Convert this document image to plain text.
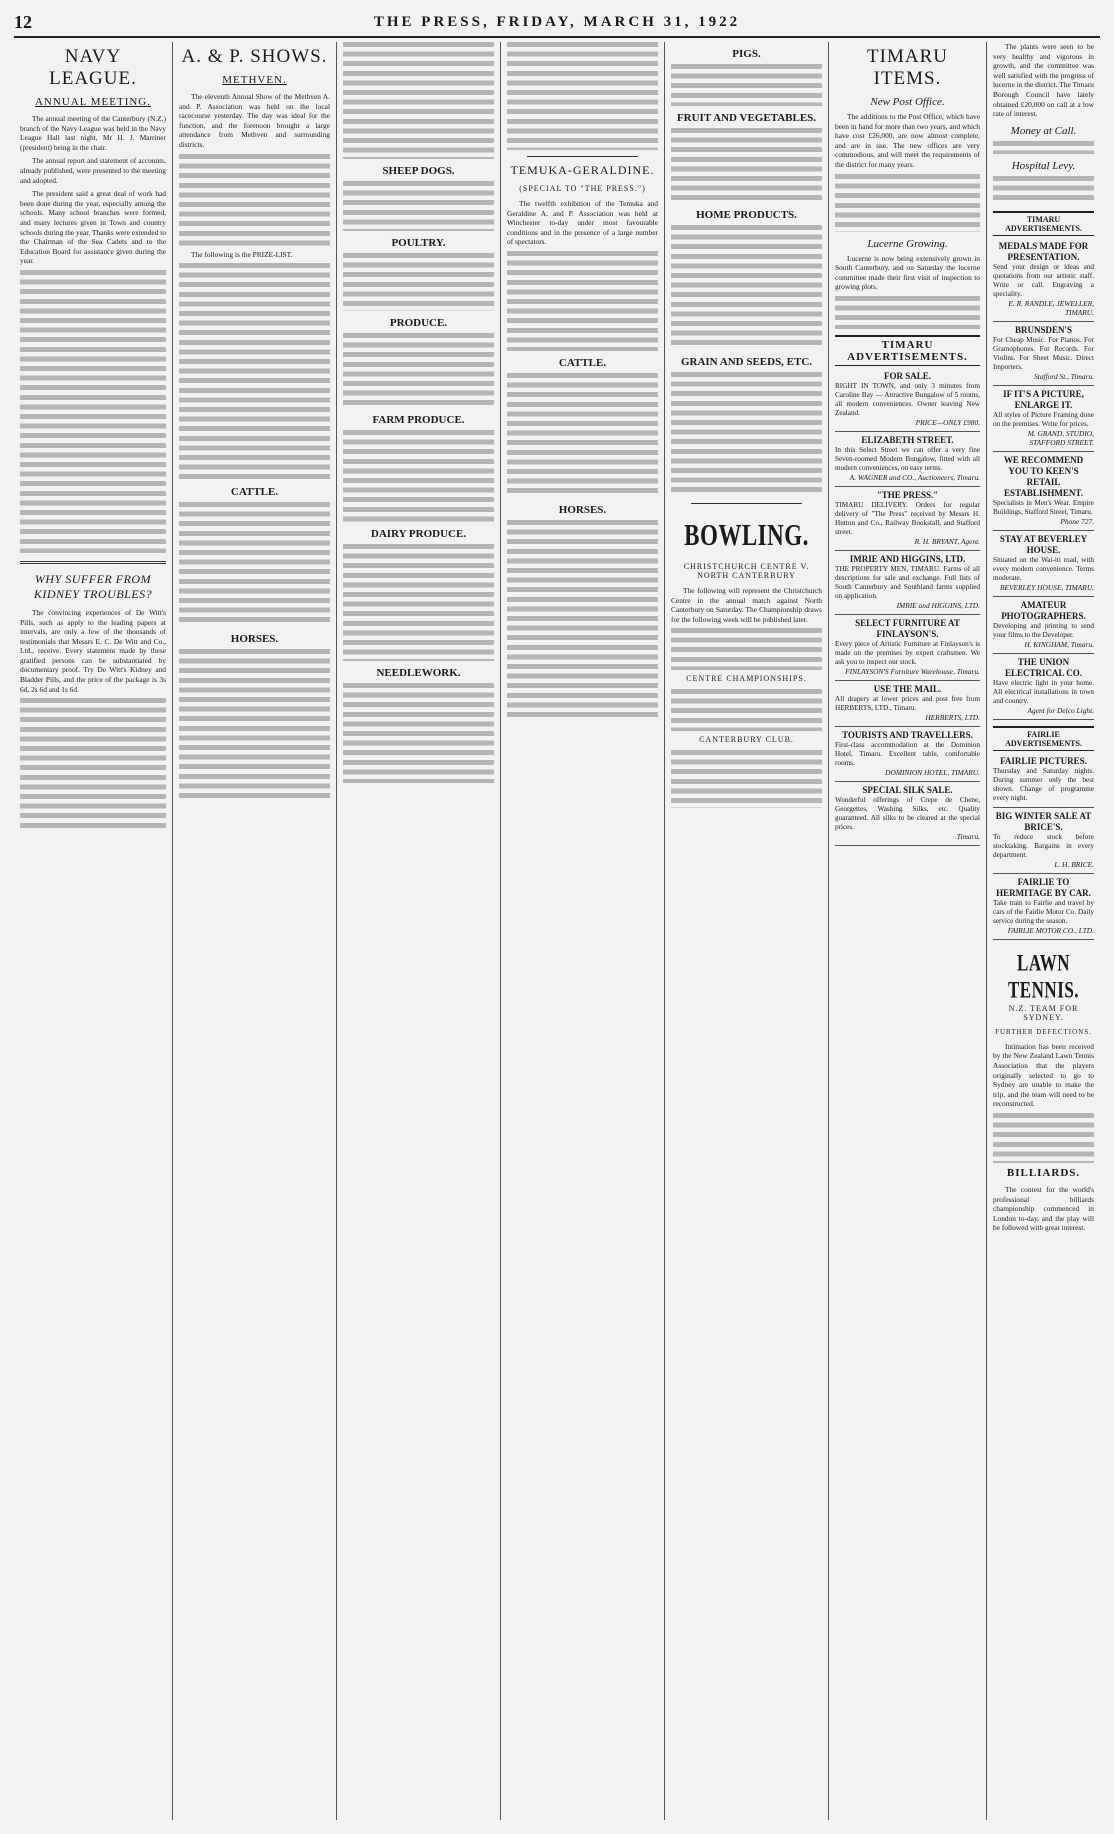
12	THE PRESS, FRIDAY, MARCH 31, 1922
NAVY LEAGUE.
ANNUAL MEETING.

The annual meeting of the Canterbury (N.Z.) branch of the Navy League was held in the Navy League Hall last night, Mr H. J. Marriner (president) being in the chair.

The annual report and statement of accounts, already published, were presented to the meeting and adopted.

The president said a great deal of work had been done during the year, especially among the schools. Many school branches were formed, and many lectures given in Town and country schools during the year. Thanks were extended to the Chairman of the Sea Cadets and to the Education Board for assistance given during the year.

WHY SUFFER FROM KIDNEY TROUBLES?

The convincing experiences of De Witt's Pills, such as apply to the leading papers at intervals, are only a few of the thousands of testimonials that Messrs E. C. De Witt and Co., Ltd., receive. Every statement made by these gratified persons can be substantiated by documentary proof. Try De Witt's Kidney and Bladder Pills, and the price of the package is 3s 6d, 2s 6d and 1s 6d.

A. & P. SHOWS.
METHVEN.

The eleventh Annual Show of the Methven A. and P. Association was held on the local racecourse yesterday. The day was ideal for the function, and the forenoon brought a large attendance from Methven and surrounding districts.

The following is the PRIZE-LIST.

CATTLE.
HORSES.
SHEEP DOGS.
POULTRY.
PRODUCE.
FARM PRODUCE.
DAIRY PRODUCE.
NEEDLEWORK.
TEMUKA-GERALDINE.
(SPECIAL TO "THE PRESS.")

The twelfth exhibition of the Temuka and Geraldine A. and P. Association was held at Winchester to-day under most favourable conditions and in the presence of a large number of spectators.

CATTLE.
HORSES.
PIGS.
FRUIT AND VEGETABLES.
HOME PRODUCTS.
GRAIN AND SEEDS, ETC.
BOWLING.
CHRISTCHURCH CENTRE V. NORTH CANTERBURY

The following will represent the Christchurch Centre in the annual match against North Canterbury on Saturday. The Championship draws for the following week will be published later.

CENTRE CHAMPIONSHIPS.
CANTERBURY CLUB.
TIMARU ITEMS.
New Post Office.

The additions to the Post Office, which have been in hand for more than two years, and which have cost £26,000, are now almost complete, and are in use. The new offices are very commodious, and will meet the requirements of the district for many years.

Lucerne Growing.

Lucerne is now being extensively grown in South Canterbury, and on Saturday the lucerne committee made their first visit of inspection to growing plots.

TIMARU ADVERTISEMENTS.
FOR SALE.
RIGHT IN TOWN, and only 3 minutes from Caroline Bay — Attractive Bungalow of 5 rooms, all modern conveniences. Owner leaving New Zealand.
PRICE—ONLY £980.
ELIZABETH STREET.
In this Select Street we can offer a very fine Seven-roomed Modern Bungalow, fitted with all modern conveniences, on easy terms.
A. WAGNER and CO., Auctioneers, Timaru.
"THE PRESS."
TIMARU DELIVERY. Orders for regular delivery of "The Press" received by Messrs H. Hutton and Co., Railway Bookstall, and Stafford street.
R. H. BRYANT, Agent.
IMRIE AND HIGGINS, LTD.
THE PROPERTY MEN, TIMARU. Farms of all descriptions for sale and exchange. Full lists of South Canterbury and Southland farms supplied on application.
IMRIE and HIGGINS, LTD.
SELECT FURNITURE AT FINLAYSON'S.
Every piece of Artistic Furniture at Finlayson's is made on the premises by expert craftsmen. We ask you to inspect our stock.
FINLAYSON'S Furniture Warehouse, Timaru.
USE THE MAIL.
All drapery at lower prices and post free from HERBERTS, LTD., Timaru.
HERBERTS, LTD.
TOURISTS AND TRAVELLERS.
First-class accommodation at the Dominion Hotel, Timaru. Excellent table, comfortable rooms.
DOMINION HOTEL, TIMARU.
SPECIAL SILK SALE.
Wonderful offerings of Crepe de Chene, Georgettes, Washing Silks, etc. Quality guaranteed. All silks to be cleared at the special prices.
Timaru.

The plants were seen to be very healthy and vigorous in growth, and the committee was well satisfied with the progress of lucerne in the district. The Timaru Borough Council have lately obtained £20,000 on call at a low rate of interest.

Money at Call.
Hospital Levy.
TIMARU ADVERTISEMENTS.
MEDALS MADE FOR PRESENTATION.
Send your design or ideas and quotations from our artistic staff. Write or call. Engraving a speciality.
E. R. RANDLE, JEWELLER, TIMARU.
BRUNSDEN'S
For Cheap Music. For Pianos. For Gramophones. For Records. For Violins. For Sheet Music. Direct Importers.
Stafford St., Timaru.
IF IT'S A PICTURE, ENLARGE IT.
All styles of Picture Framing done on the premises. Write for prices.
M. GRAND, STUDIO, STAFFORD STREET.
WE RECOMMEND YOU TO KEEN'S RETAIL ESTABLISHMENT.
Specialists in Men's Wear. Empire Buildings, Stafford Street, Timaru.
Phone 727.
STAY AT BEVERLEY HOUSE.
Situated on the Wai-iti road, with every modern convenience. Terms moderate.
BEVERLEY HOUSE, TIMARU.
AMATEUR PHOTOGRAPHERS.
Developing and printing to send your films to the Developer.
H. KINGHAM, Timaru.
THE UNION ELECTRICAL CO.
Have electric light in your home. All electrical installations in town and country.
Agent for Delco Light.
FAIRLIE ADVERTISEMENTS.
FAIRLIE PICTURES.
Thursday and Saturday nights. During summer only the best shown. Change of programme every night.
BIG WINTER SALE AT BRICE'S.
To reduce stock before stocktaking. Bargains in every department.
L. H. BRICE.
FAIRLIE TO HERMITAGE BY CAR.
Take train to Fairlie and travel by cars of the Fairlie Motor Co. Daily service during the season.
FAIRLIE MOTOR CO., LTD.
LAWN TENNIS.
N.Z. TEAM FOR SYDNEY.
FURTHER DEFECTIONS.

Intimation has been received by the New Zealand Lawn Tennis Association that the players originally selected to go to Sydney are unable to make the trip, and the team will need to be reconstructed.

BILLIARDS.

The contest for the world's professional billiards championship commenced in London to-day, and the play will be followed with great interest.
